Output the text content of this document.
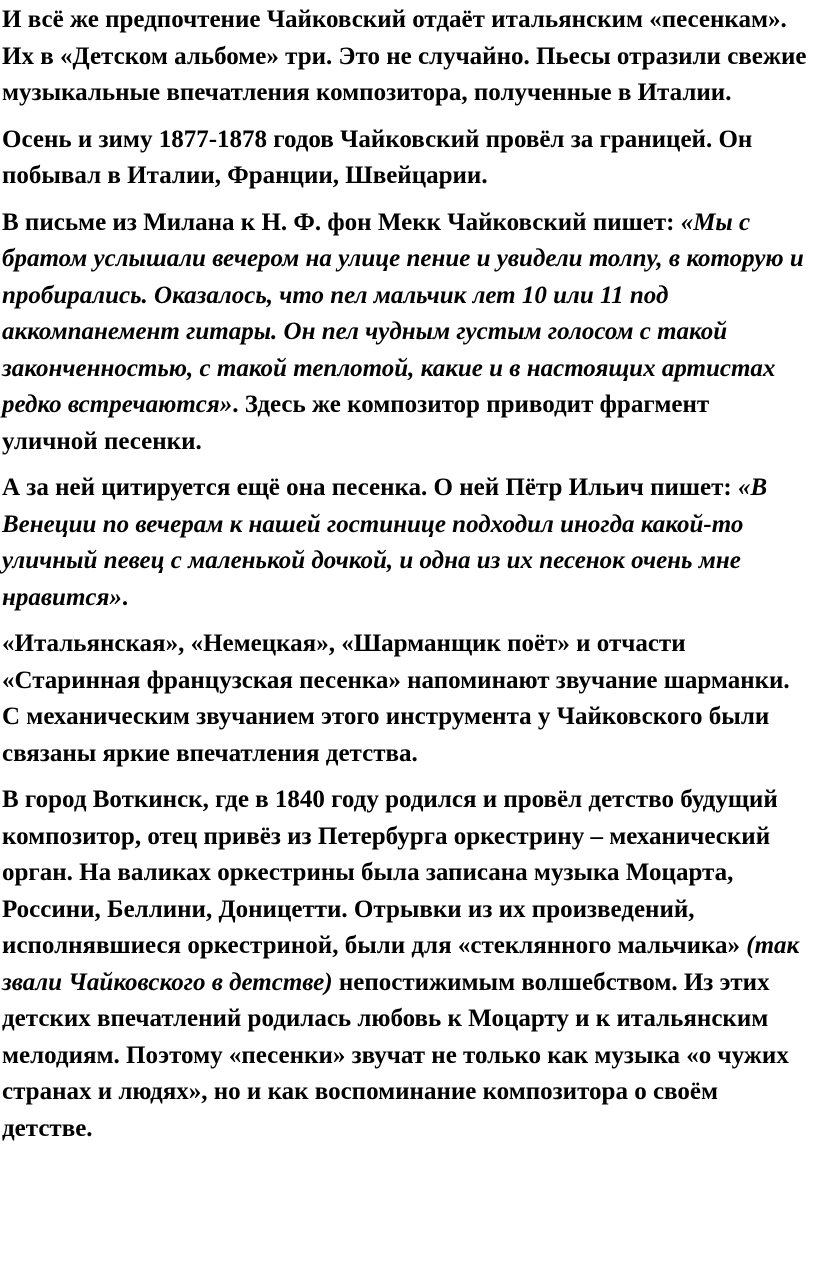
И всё же предпочтение Чайковский отдаёт итальянским «песенкам». Их в «Детском альбоме» три. Это не случайно. Пьесы отразили свежие музыкальные впечатления композитора, полученные в Италии.

Осень и зиму 1877-1878 годов Чайковский провёл за границей. Он побывал в Италии, Франции, Швейцарии.

В письме из Милана к Н. Ф. фон Мекк Чайковский пишет: «Мы с братом услышали вечером на улице пение и увидели толпу, в которую и пробирались. Оказалось, что пел мальчик лет 10 или 11 под аккомпанемент гитары. Он пел чудным густым голосом с такой законченностью, с такой теплотой, какие и в настоящих артистах редко встречаются». Здесь же композитор приводит фрагмент уличной песенки.

А за ней цитируется ещё она песенка. О ней Пётр Ильич пишет: «В Венеции по вечерам к нашей гостинице подходил иногда какой-то уличный певец с маленькой дочкой, и одна из их песенок очень мне нравится».

«Итальянская», «Немецкая», «Шарманщик поёт» и отчасти «Старинная французская песенка» напоминают звучание шарманки. С механическим звучанием этого инструмента у Чайковского были связаны яркие впечатления детства.

В город Воткинск, где в 1840 году родился и провёл детство будущий композитор, отец привёз из Петербурга оркестрину – механический орган. На валиках оркестрины была записана музыка Моцарта, Россини, Беллини, Доницетти. Отрывки из их произведений, исполнявшиеся оркестриной, были для «стеклянного мальчика» (так звали Чайковского в детстве) непостижимым волшебством. Из этих детских впечатлений родилась любовь к Моцарту и к итальянским мелодиям. Поэтому «песенки» звучат не только как музыка «о чужих странах и людях», но и как воспоминание композитора о своём детстве.
